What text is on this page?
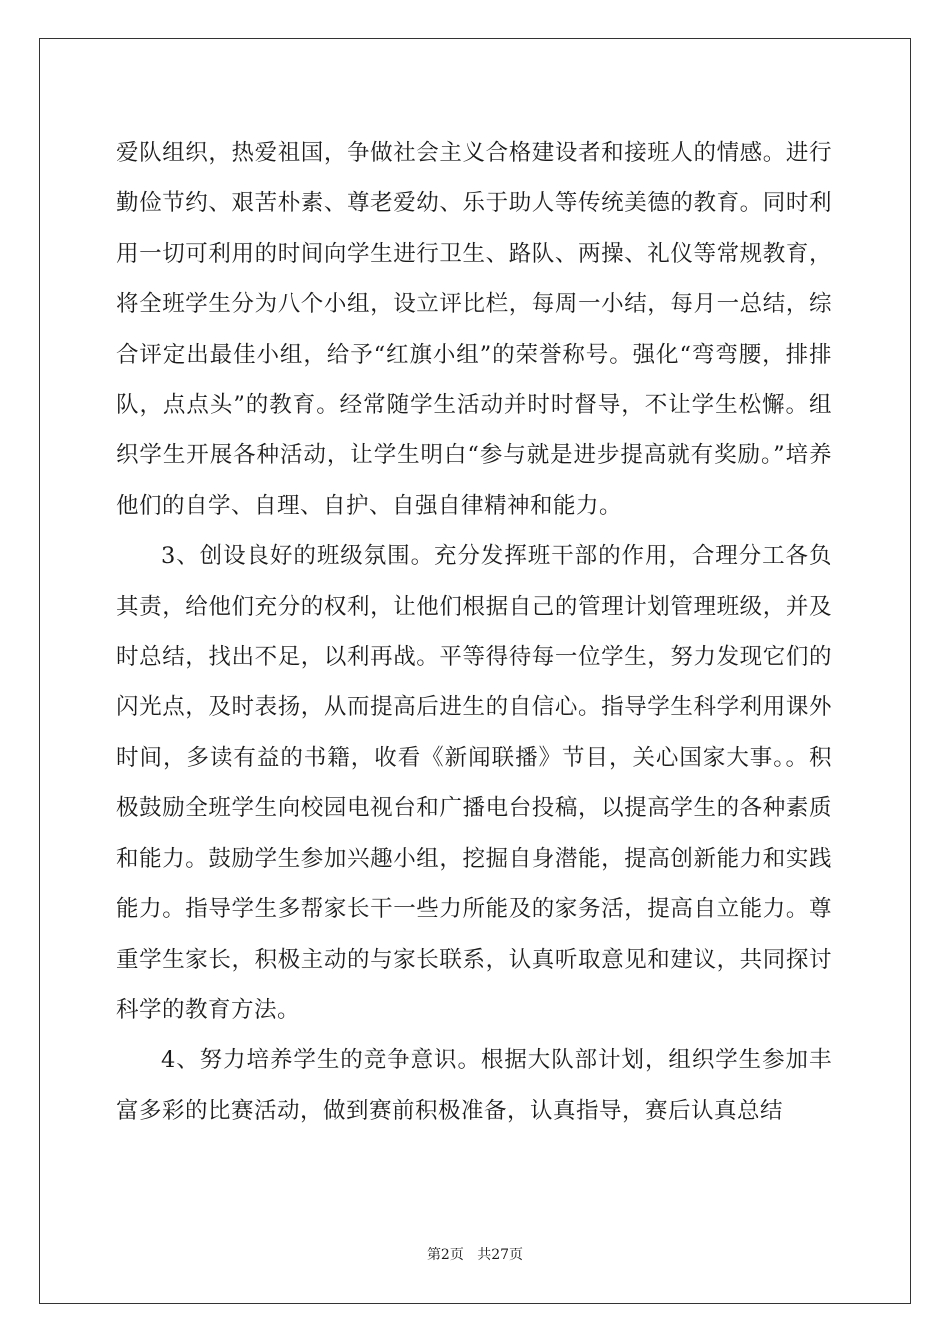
爱队组织，热爱祖国，争做社会主义合格建设者和接班人的情感。进行勤俭节约、艰苦朴素、尊老爱幼、乐于助人等传统美德的教育。同时利用一切可利用的时间向学生进行卫生、路队、两操、礼仪等常规教育，将全班学生分为八个小组，设立评比栏，每周一小结，每月一总结，综合评定出最佳小组，给予“红旗小组”的荣誉称号。强化“弯弯腰，排排队，点点头”的教育。经常随学生活动并时时督导，不让学生松懈。组织学生开展各种活动，让学生明白“参与就是进步提高就有奖励。”培养他们的自学、自理、自护、自强自律精神和能力。

3、创设良好的班级氛围。充分发挥班干部的作用，合理分工各负其责，给他们充分的权利，让他们根据自己的管理计划管理班级，并及时总结，找出不足，以利再战。平等得待每一位学生，努力发现它们的闪光点，及时表扬，从而提高后进生的自信心。指导学生科学利用课外时间，多读有益的书籍，收看《新闻联播》节目，关心国家大事。。积极鼓励全班学生向校园电视台和广播电台投稿，以提高学生的各种素质和能力。鼓励学生参加兴趣小组，挖掘自身潜能，提高创新能力和实践能力。指导学生多帮家长干一些力所能及的家务活，提高自立能力。尊重学生家长，积极主动的与家长联系，认真听取意见和建议，共同探讨科学的教育方法。

4、努力培养学生的竞争意识。根据大队部计划，组织学生参加丰富多彩的比赛活动，做到赛前积极准备，认真指导，赛后认真总结

第2页 共27页
